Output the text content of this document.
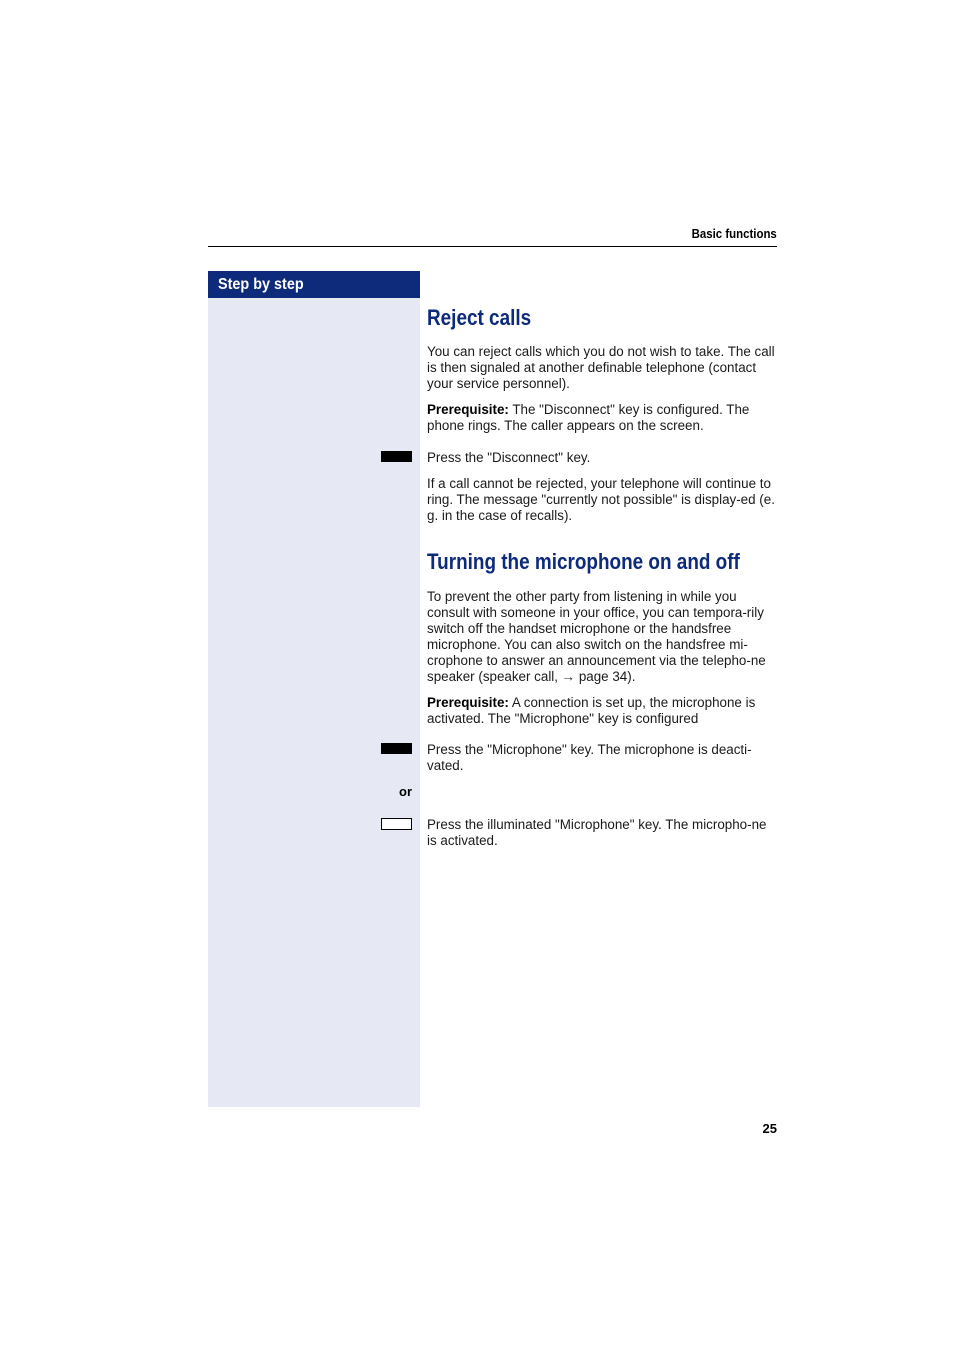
Basic functions
Step by step
Reject calls

You can reject calls which you do not wish to take. The call is then signaled at another definable telephone (contact your service personnel).

Prerequisite: The "Disconnect" key is configured. The phone rings. The caller appears on the screen.

Press the "Disconnect" key.

If a call cannot be rejected, your telephone will continue to ring. The message "currently not possible" is display-ed (e. g. in the case of recalls).

Turning the microphone on and off

To prevent the other party from listening in while you consult with someone in your office, you can tempora-rily switch off the handset microphone or the handsfree microphone. You can also switch on the handsfree mi-crophone to answer an announcement via the telepho-ne speaker (speaker call, → page 34).

Prerequisite: A connection is set up, the microphone is activated. The "Microphone" key is configured

Press the "Microphone" key. The microphone is deacti-vated.

or

Press the illuminated "Microphone" key. The micropho-ne is activated.

25
